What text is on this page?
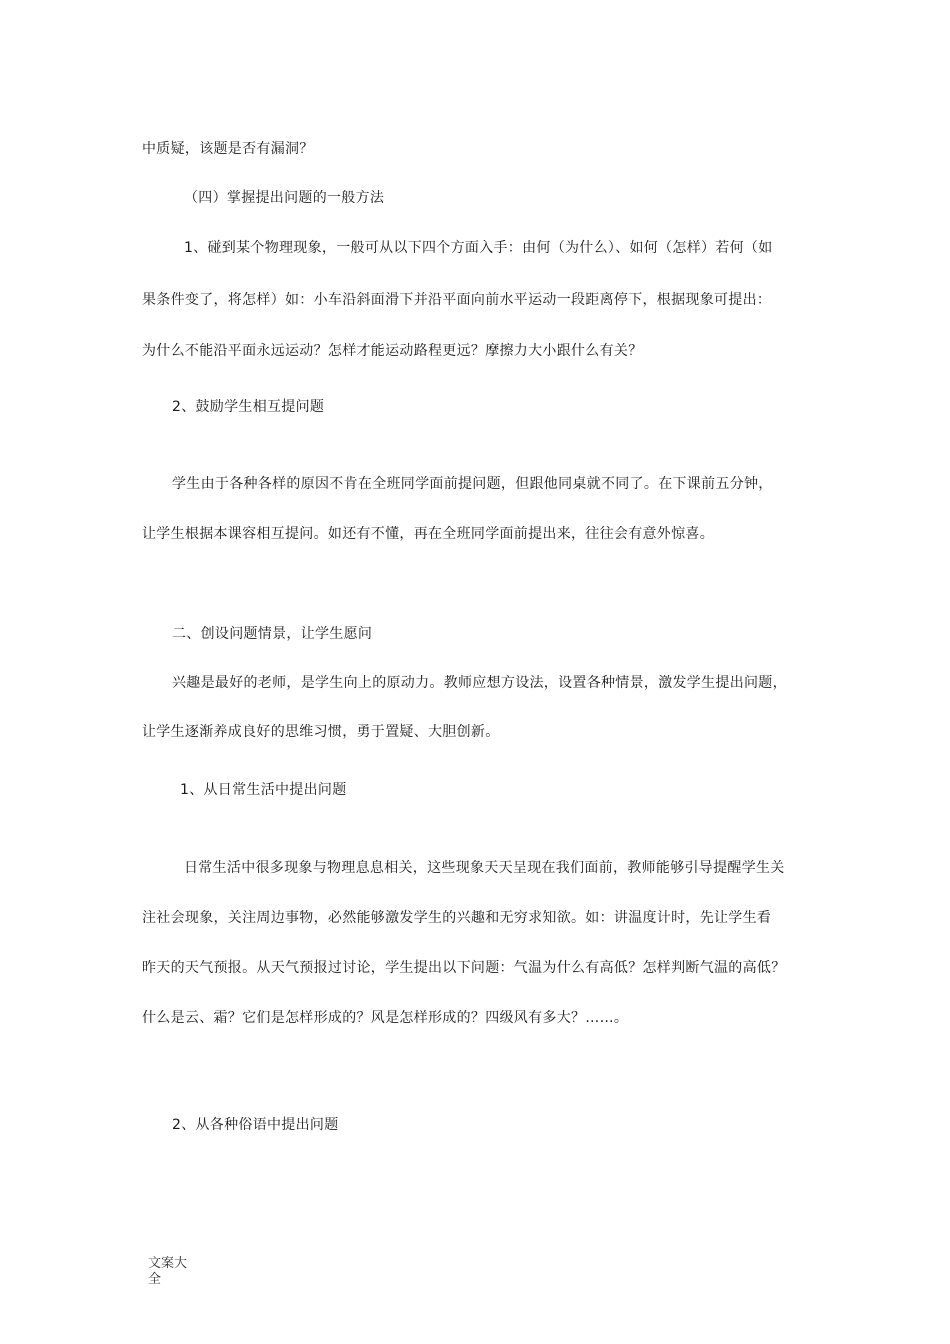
中质疑，该题是否有漏洞？
（四）掌握提出问题的一般方法
1、碰到某个物理现象，一般可从以下四个方面入手：由何（为什么）、如何（怎样）若何（如
果条件变了，将怎样）如：小车沿斜面滑下并沿平面向前水平运动一段距离停下，根据现象可提出：
为什么不能沿平面永远运动？怎样才能运动路程更远？摩擦力大小跟什么有关？
2、鼓励学生相互提问题
学生由于各种各样的原因不肯在全班同学面前提问题，但跟他同桌就不同了。在下课前五分钟，
让学生根据本课容相互提问。如还有不懂，再在全班同学面前提出来，往往会有意外惊喜。
二、创设问题情景，让学生愿问
兴趣是最好的老师，是学生向上的原动力。教师应想方设法，设置各种情景，激发学生提出问题，
让学生逐渐养成良好的思维习惯，勇于置疑、大胆创新。
1、从日常生活中提出问题
日常生活中很多现象与物理息息相关，这些现象天天呈现在我们面前，教师能够引导提醒学生关
注社会现象，关注周边事物，必然能够激发学生的兴趣和无穷求知欲。如：讲温度计时，先让学生看
昨天的天气预报。从天气预报过讨论，学生提出以下问题：气温为什么有高低？怎样判断气温的高低？
什么是云、霜？它们是怎样形成的？风是怎样形成的？四级风有多大？……。
2、从各种俗语中提出问题
文案大全
